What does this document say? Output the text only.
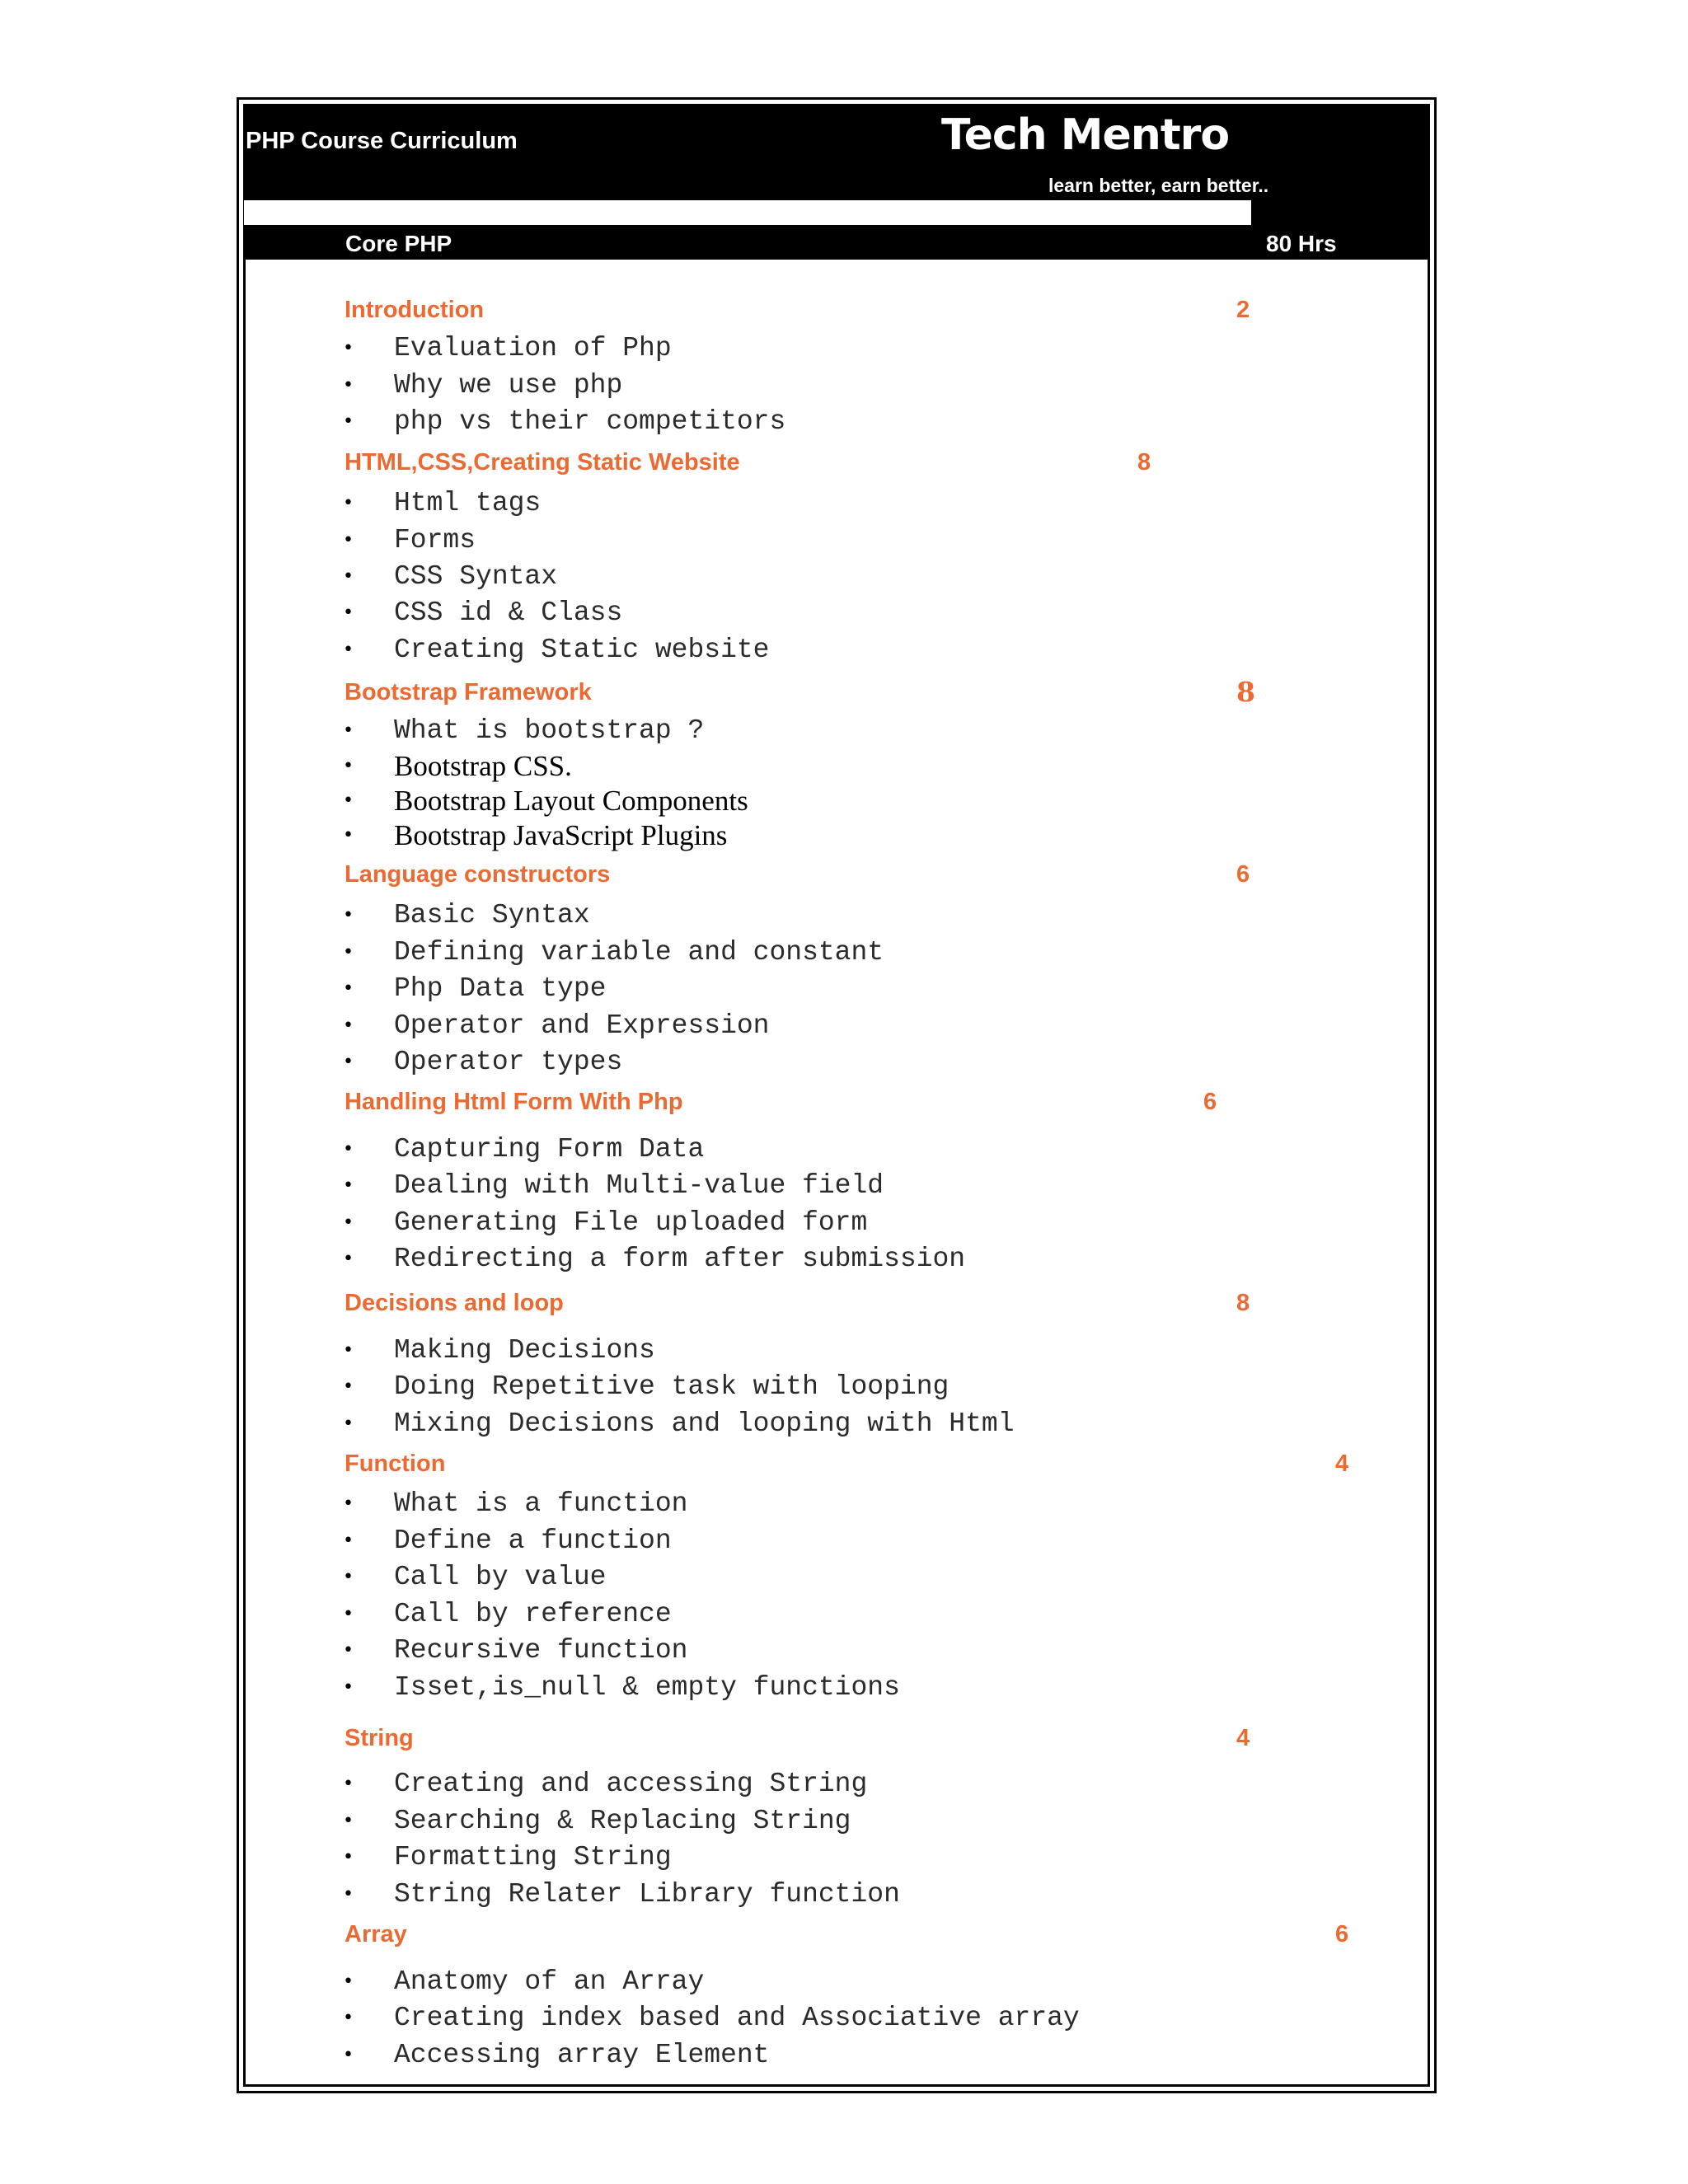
PHP Course Curriculum	Tech Mentro
learn better, earn better..
Core PHP	80 Hrs
Introduction	2
• Evaluation of Php
• Why we use php
• php vs their competitors
HTML,CSS,Creating Static Website	8
• Html tags
• Forms
• CSS Syntax
• CSS id & Class
• Creating Static website
Bootstrap Framework	8
• What is bootstrap ?
• Bootstrap CSS.
• Bootstrap Layout Components
• Bootstrap JavaScript Plugins
Language constructors	6
• Basic Syntax
• Defining variable and constant
• Php Data type
• Operator and Expression
• Operator types
Handling Html Form With Php	6
• Capturing Form Data
• Dealing with Multi-value field
• Generating File uploaded form
• Redirecting a form after submission
Decisions and loop	8
• Making Decisions
• Doing Repetitive task with looping
• Mixing Decisions and looping with Html
Function	4
• What is a function
• Define a function
• Call by value
• Call by reference
• Recursive function
• Isset,is_null & empty functions
String	4
• Creating and accessing String
• Searching & Replacing String
• Formatting String
• String Relater Library function
Array	6
• Anatomy of an Array
• Creating index based and Associative array
• Accessing array Element
